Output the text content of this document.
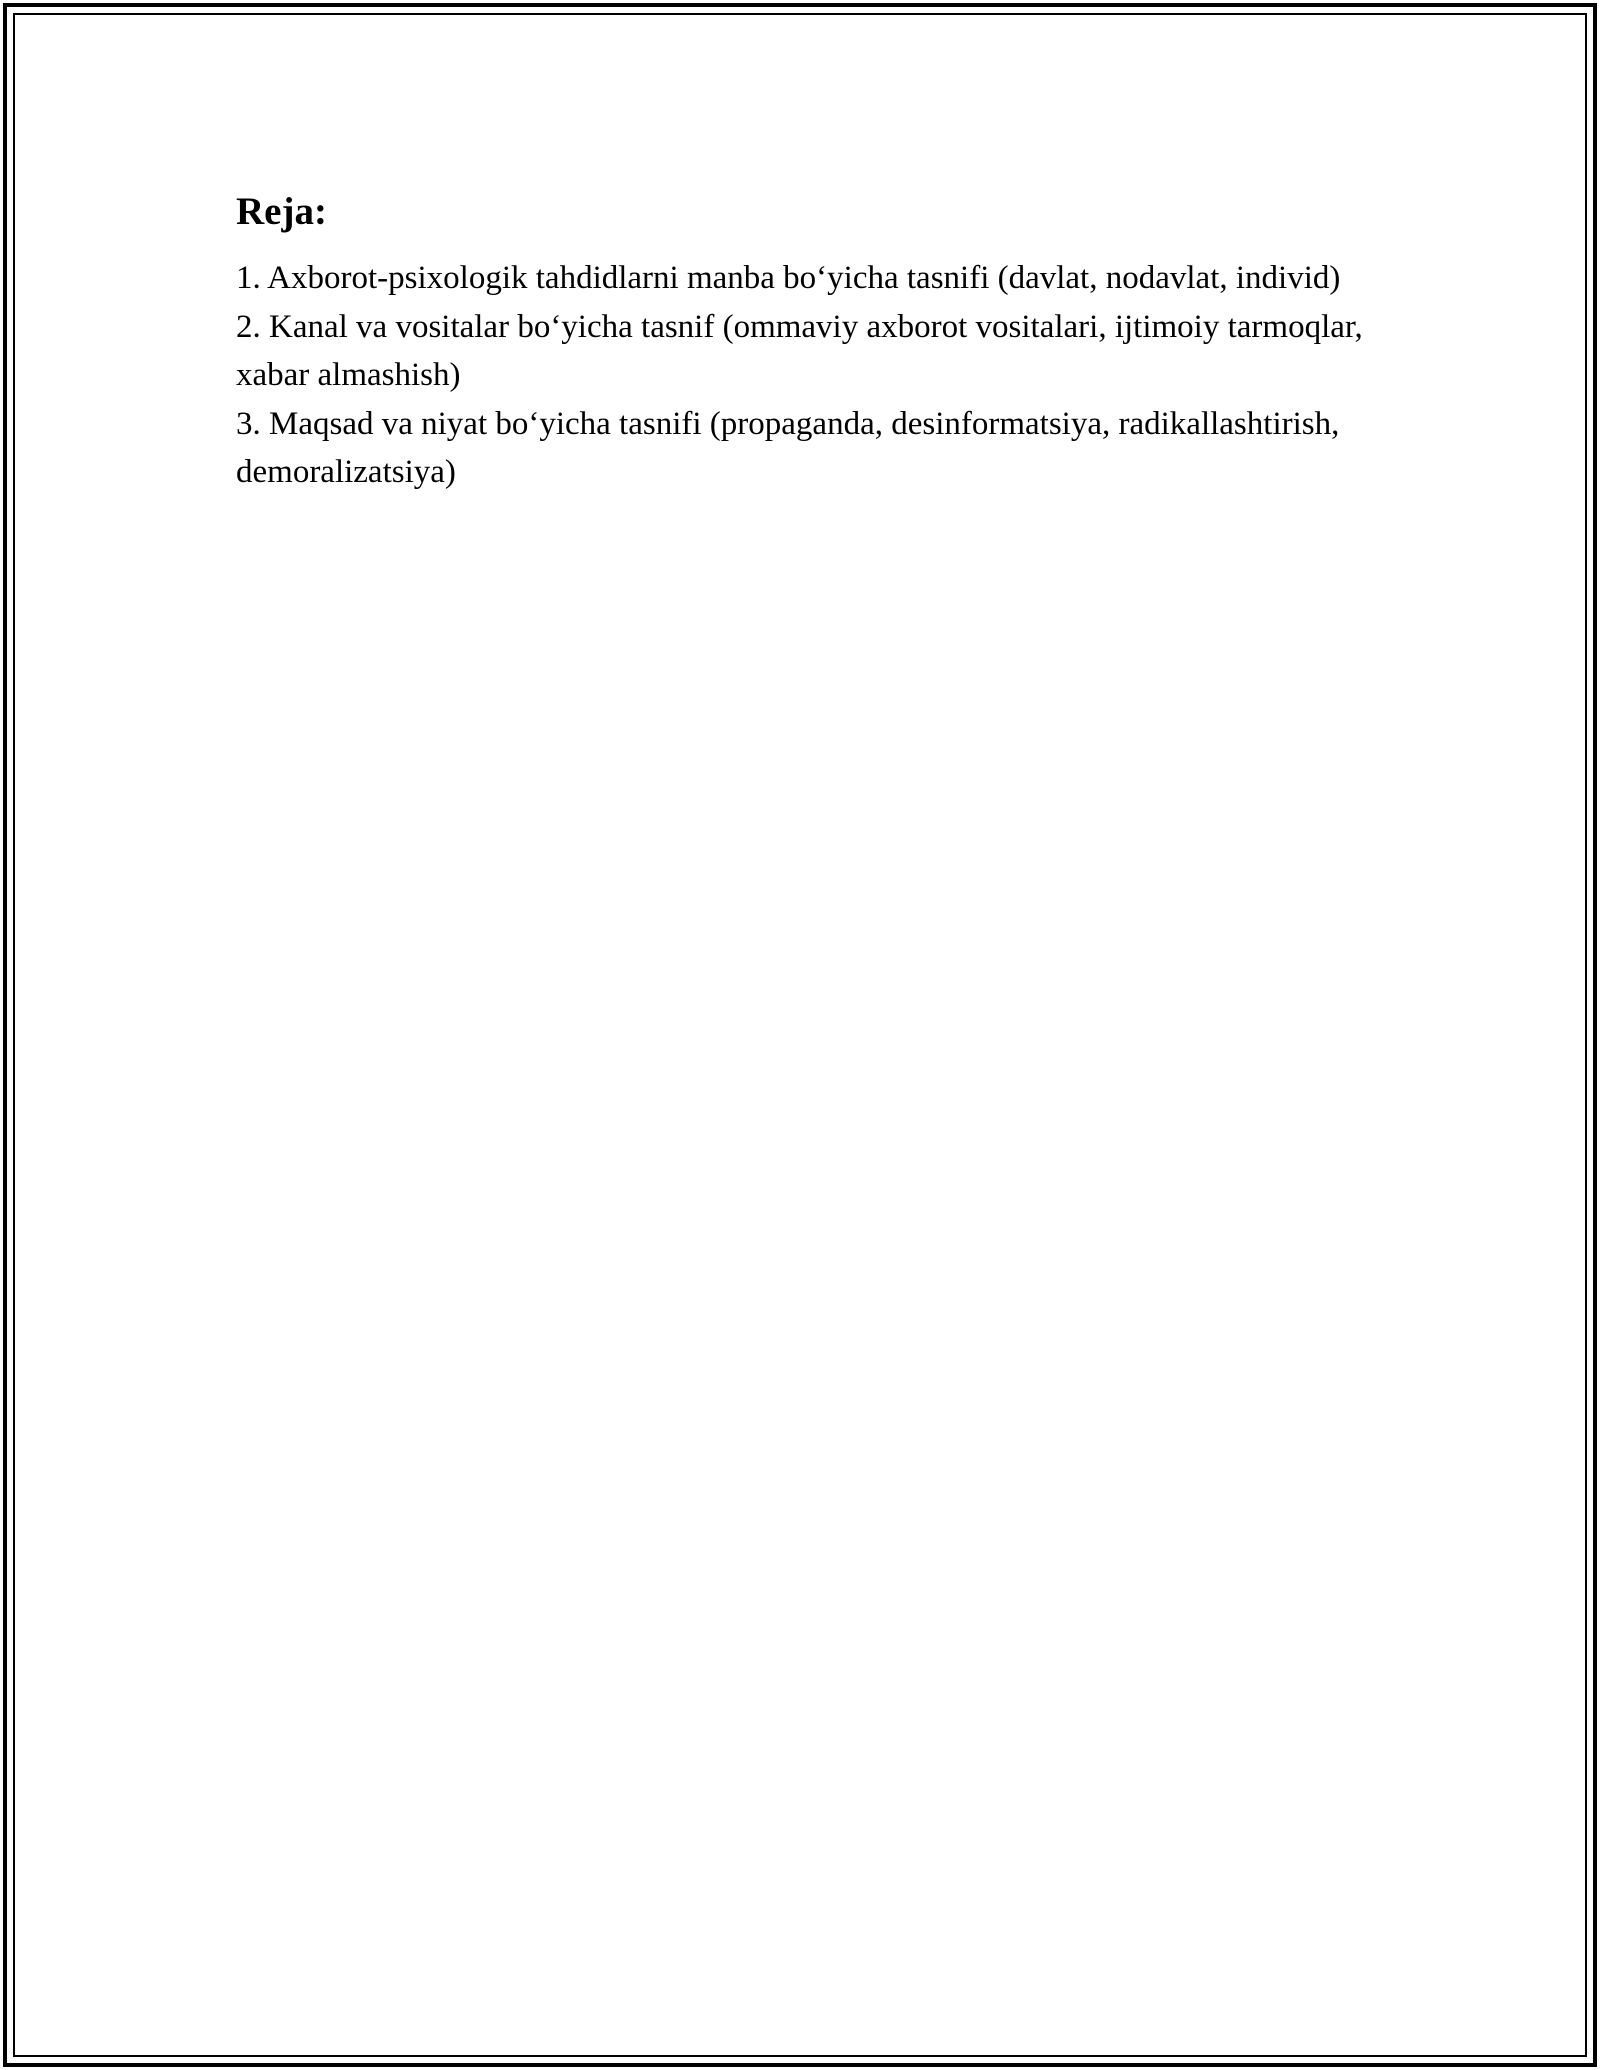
Reja:
1. Axborot-psixologik tahdidlarni manba bo‘yicha tasnifi (davlat, nodavlat, individ)
2. Kanal va vositalar bo‘yicha tasnif (ommaviy axborot vositalari, ijtimoiy tarmoqlar, xabar almashish)
3. Maqsad va niyat bo‘yicha tasnifi (propaganda, desinformatsiya, radikallashtirish, demoralizatsiya)
